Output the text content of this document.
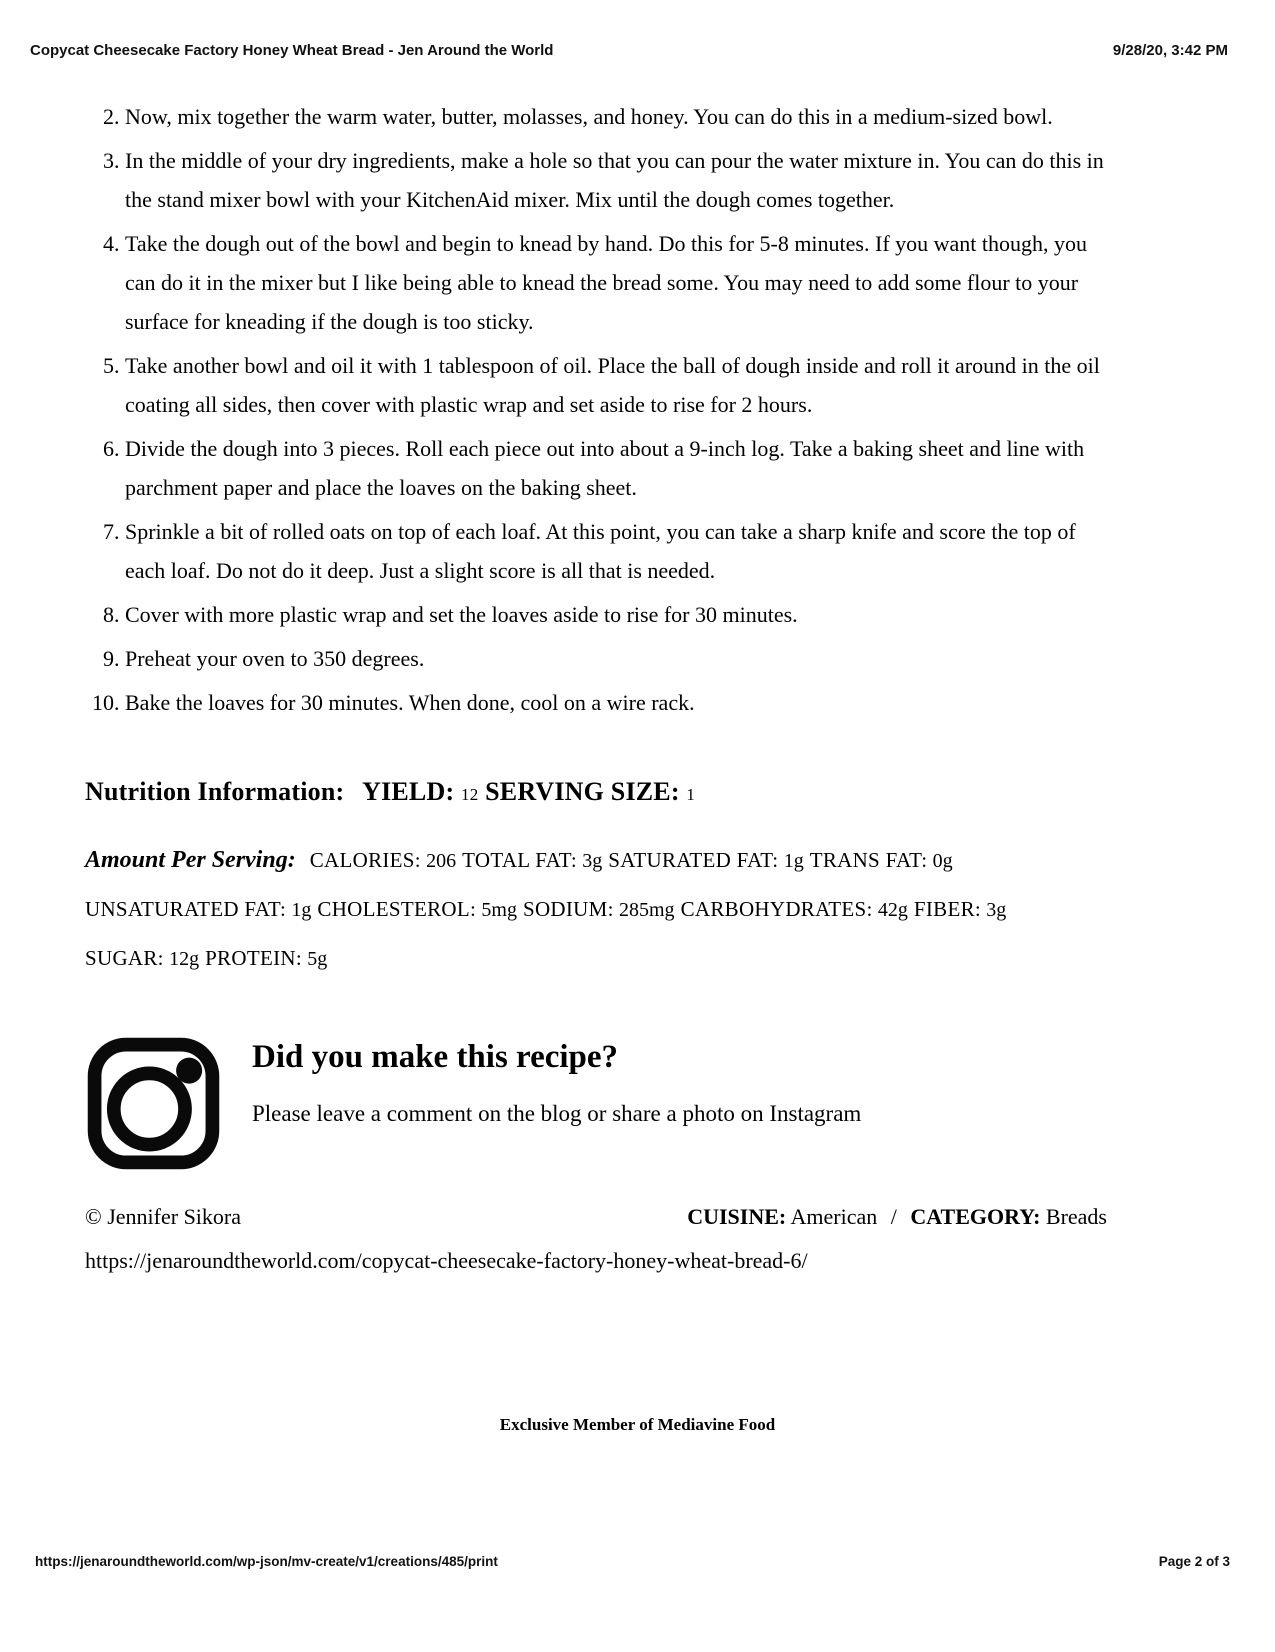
Copycat Cheesecake Factory Honey Wheat Bread - Jen Around the World	9/28/20, 3:42 PM
2. Now, mix together the warm water, butter, molasses, and honey. You can do this in a medium-sized bowl.
3. In the middle of your dry ingredients, make a hole so that you can pour the water mixture in. You can do this in the stand mixer bowl with your KitchenAid mixer. Mix until the dough comes together.
4. Take the dough out of the bowl and begin to knead by hand. Do this for 5-8 minutes. If you want though, you can do it in the mixer but I like being able to knead the bread some. You may need to add some flour to your surface for kneading if the dough is too sticky.
5. Take another bowl and oil it with 1 tablespoon of oil. Place the ball of dough inside and roll it around in the oil coating all sides, then cover with plastic wrap and set aside to rise for 2 hours.
6. Divide the dough into 3 pieces. Roll each piece out into about a 9-inch log. Take a baking sheet and line with parchment paper and place the loaves on the baking sheet.
7. Sprinkle a bit of rolled oats on top of each loaf. At this point, you can take a sharp knife and score the top of each loaf. Do not do it deep. Just a slight score is all that is needed.
8. Cover with more plastic wrap and set the loaves aside to rise for 30 minutes.
9. Preheat your oven to 350 degrees.
10. Bake the loaves for 30 minutes. When done, cool on a wire rack.
Nutrition Information: YIELD: 12 SERVING SIZE: 1
Amount Per Serving: CALORIES: 206 TOTAL FAT: 3g SATURATED FAT: 1g TRANS FAT: 0g
UNSATURATED FAT: 1g CHOLESTEROL: 5mg SODIUM: 285mg CARBOHYDRATES: 42g FIBER: 3g
SUGAR: 12g PROTEIN: 5g
Did you make this recipe?
Please leave a comment on the blog or share a photo on Instagram
© Jennifer Sikora	CUISINE: American / CATEGORY: Breads
https://jenaroundtheworld.com/copycat-cheesecake-factory-honey-wheat-bread-6/
Exclusive Member of Mediavine Food
https://jenaroundtheworld.com/wp-json/mv-create/v1/creations/485/print	Page 2 of 3
